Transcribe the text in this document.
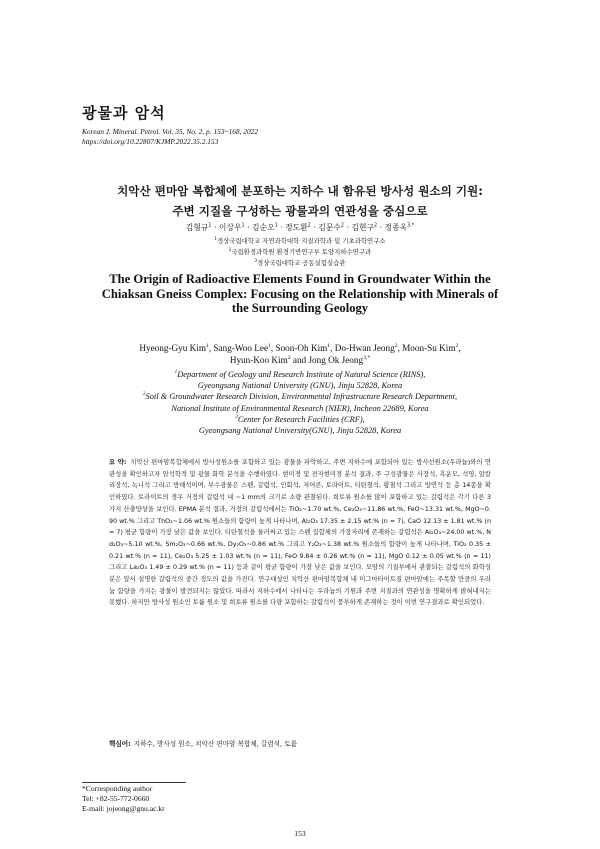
광물과 암석
Korean J. Mineral. Petrol. Vol. 35, No. 2, p. 153~168, 2022
https://doi.org/10.22807/KJMP.2022.35.2.153
치악산 편마암 복합체에 분포하는 지하수 내 함유된 방사성 원소의 기원:
주변 지질을 구성하는 광물과의 연관성을 중심으로
김형규$^1$ · 이상우$^1$ · 김순오$^1$ · 정도환$^2$ · 김문수$^2$ · 김현구$^2$ · 정종옥$^{3,*}$
$^1$경상국립대학교 자연과학대학 지질과학과 및 기초과학연구소
$^2$국립환경과학원 환경기반연구부 토양지하수연구과
$^3$경상국립대학교 공동실험실습관
The Origin of Radioactive Elements Found in Groundwater Within the
Chiaksan Gneiss Complex: Focusing on the Relationship with Minerals of
the Surrounding Geology
Hyeong-Gyu Kim$^1$, Sang-Woo Lee$^1$, Soon-Oh Kim$^1$, Do-Hwan Jeong$^2$, Moon-Su Kim$^2$,
Hyun-Koo Kim$^2$ and Jong Ok Jeong$^{3,*}$
$^1$Department of Geology and Research Institute of Natural Science (RINS),
Gyeongsang National University (GNU), Jinju 52828, Korea
$^2$Soil & Groundwater Research Division, Environmental Infrastructure Research Department,
National Institute of Environmental Research (NIER), Incheon 22689, Korea
$^3$Center for Research Facilities (CRF),
Gyeongsang National University(GNU), Jinju 52828, Korea
요 약: 치악산 편마암복합체에서 방사성원소를 포함하고 있는 광물을 파악하고, 주변 지하수에 포함되어 있는 방사선원소(우라늄)와의 연관성을 확인하고자 암석학적 및 광물 화학 분석을 수행하였다. 현미경 및 전자현미경 분석 결과, 주 구성광물은 사장석, 흑운모, 석영, 알칼리장석, 녹니석 그리고 방해석이며, 부수광물은 스펜, 갈렴석, 인회석, 저어콘, 토라이트, 티탄철석, 황철석 그리고 방연석 등 총 14종을 확인하였다. 토라이트의 경우 거정의 갈렴석 내 ~1 mm의 크기로 소량 관찰된다. 희토류 원소를 많이 포함하고 있는 갈렴석은 각기 다른 3 가지 산출양상을 보인다. EPMA 분석 결과, 거정의 갈렴석에서는 TiO₂~1.70 wt.%, Ce₂O₃~11.86 wt.%, FeO~13.31 wt.%, MgO~0.90 wt.% 그리고 ThO₂~1.06 wt.% 원소들의 함량이 높게 나타나며, Al₂O₃ 17.35 ± 2.15 wt.% (n = 7), CaO 12.13 ± 1.81 wt.% (n = 7) 평균 함량이 가장 낮은 값을 보인다. 티탄철석을 둘러싸고 있는 스펜 집합체의 가장자리에 존재하는 갈렴석은 Al₂O₃~24.00 wt.%, Nd₂O₃~5.10 wt.%, Sm₂O₃~0.66 wt.%, Dy₂O₃~0.86 wt.% 그리고 Y₂O₃~1.38 wt.% 원소들의 함량이 높게 나타나며, TiO₂ 0.35 ± 0.21 wt.% (n = 11), Ce₂O₃ 5.25 ± 1.03 wt.% (n = 11), FeO 9.84 ± 0.26 wt.% (n = 11), MgO 0.12 ± 0.05 wt.% (n = 11) 그리고 La₂O₃ 1.49 ± 0.29 wt.% (n = 11) 등과 같이 평균 함량이 가장 낮은 값을 보인다. 모암의 기질부에서 관찰되는 갈렴석의 화학성분은 앞서 설명한 갈렴석의 중간 정도의 값을 가진다. 연구대상인 치악산 편마암복합체 내 미그마타이트질 편마암에는 주목할 만큼의 우라늄 함량을 가지는 광물이 발견되지는 않았다. 따라서 지하수에서 나타나는 우라늄의 기원과 주변 지질과의 연관성을 명확하게 밝혀내지는 못했다. 하지만 방사성 원소인 토륨 원소 및 희토류 원소를 다량 포함하는 갈렴석이 풍부하게 존재하는 것이 이번 연구결과로 확인되었다.
핵심어: 지하수, 방사성 원소, 치악산 편마암 복합체, 갈렴석, 토륨
*Corresponding author
Tel: +82-55-772-0660
E-mail: jojeong@gnu.ac.kr
153
